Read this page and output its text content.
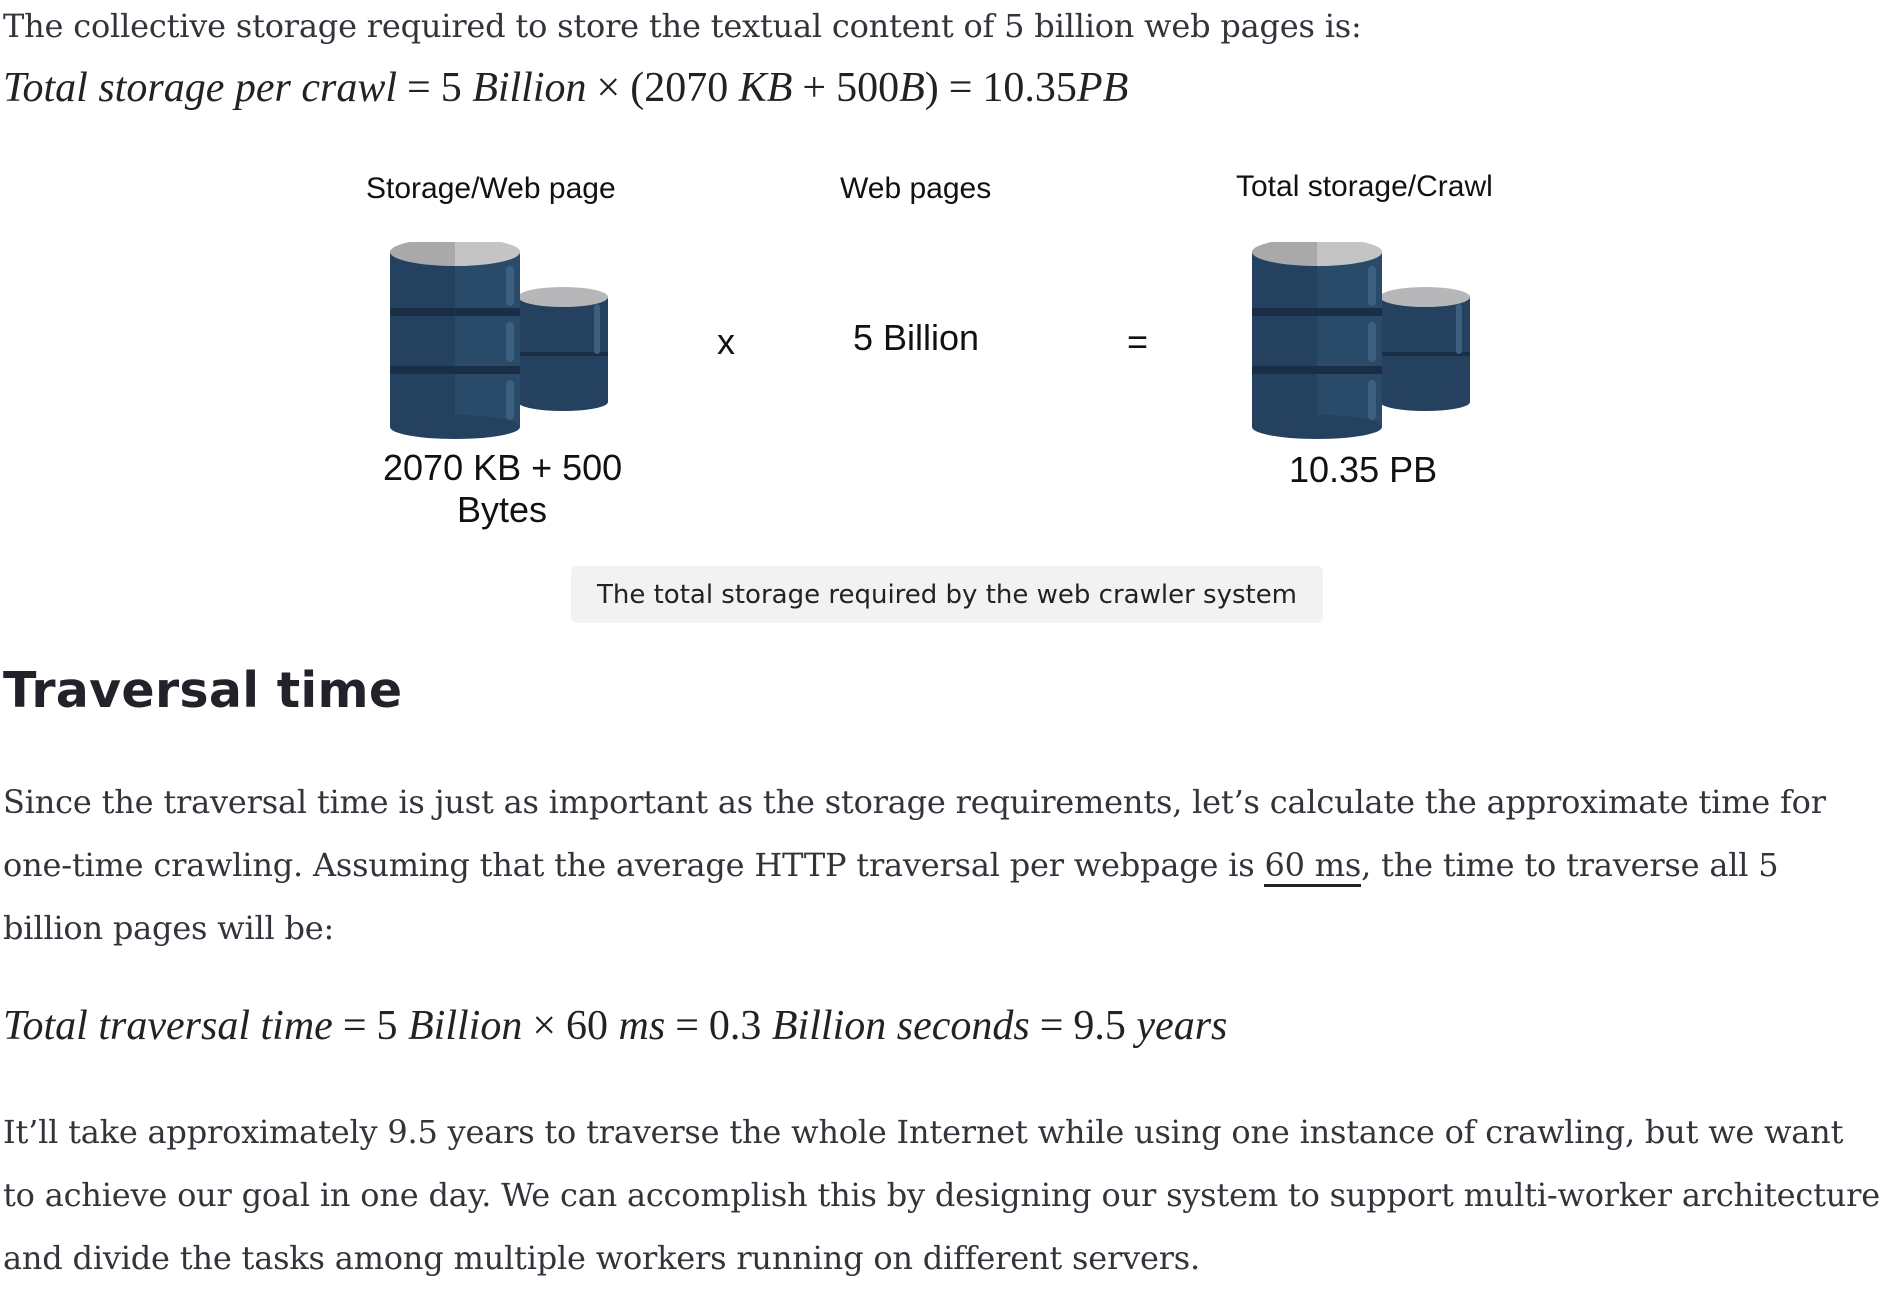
The collective storage required to store the textual content of 5 billion web pages is:

Total storage per crawl = 5 Billion × (2070 KB + 500B) = 10.35PB

Storage/Web page	Web pages	Total storage/Crawl

x	5 Billion	=

2070 KB + 500

Bytes

10.35 PB

The total storage required by the web crawler system
Traversal time

Since the traversal time is just as important as the storage requirements, let’s calculate the approximate time for one-time crawling. Assuming that the average HTTP traversal per webpage is 60 ms, the time to traverse all 5 billion pages will be:

Total traversal time = 5 Billion × 60 ms = 0.3 Billion seconds = 9.5 years

It’ll take approximately 9.5 years to traverse the whole Internet while using one instance of crawling, but we want to achieve our goal in one day. We can accomplish this by designing our system to support multi-worker architecture and divide the tasks among multiple workers running on different servers.
